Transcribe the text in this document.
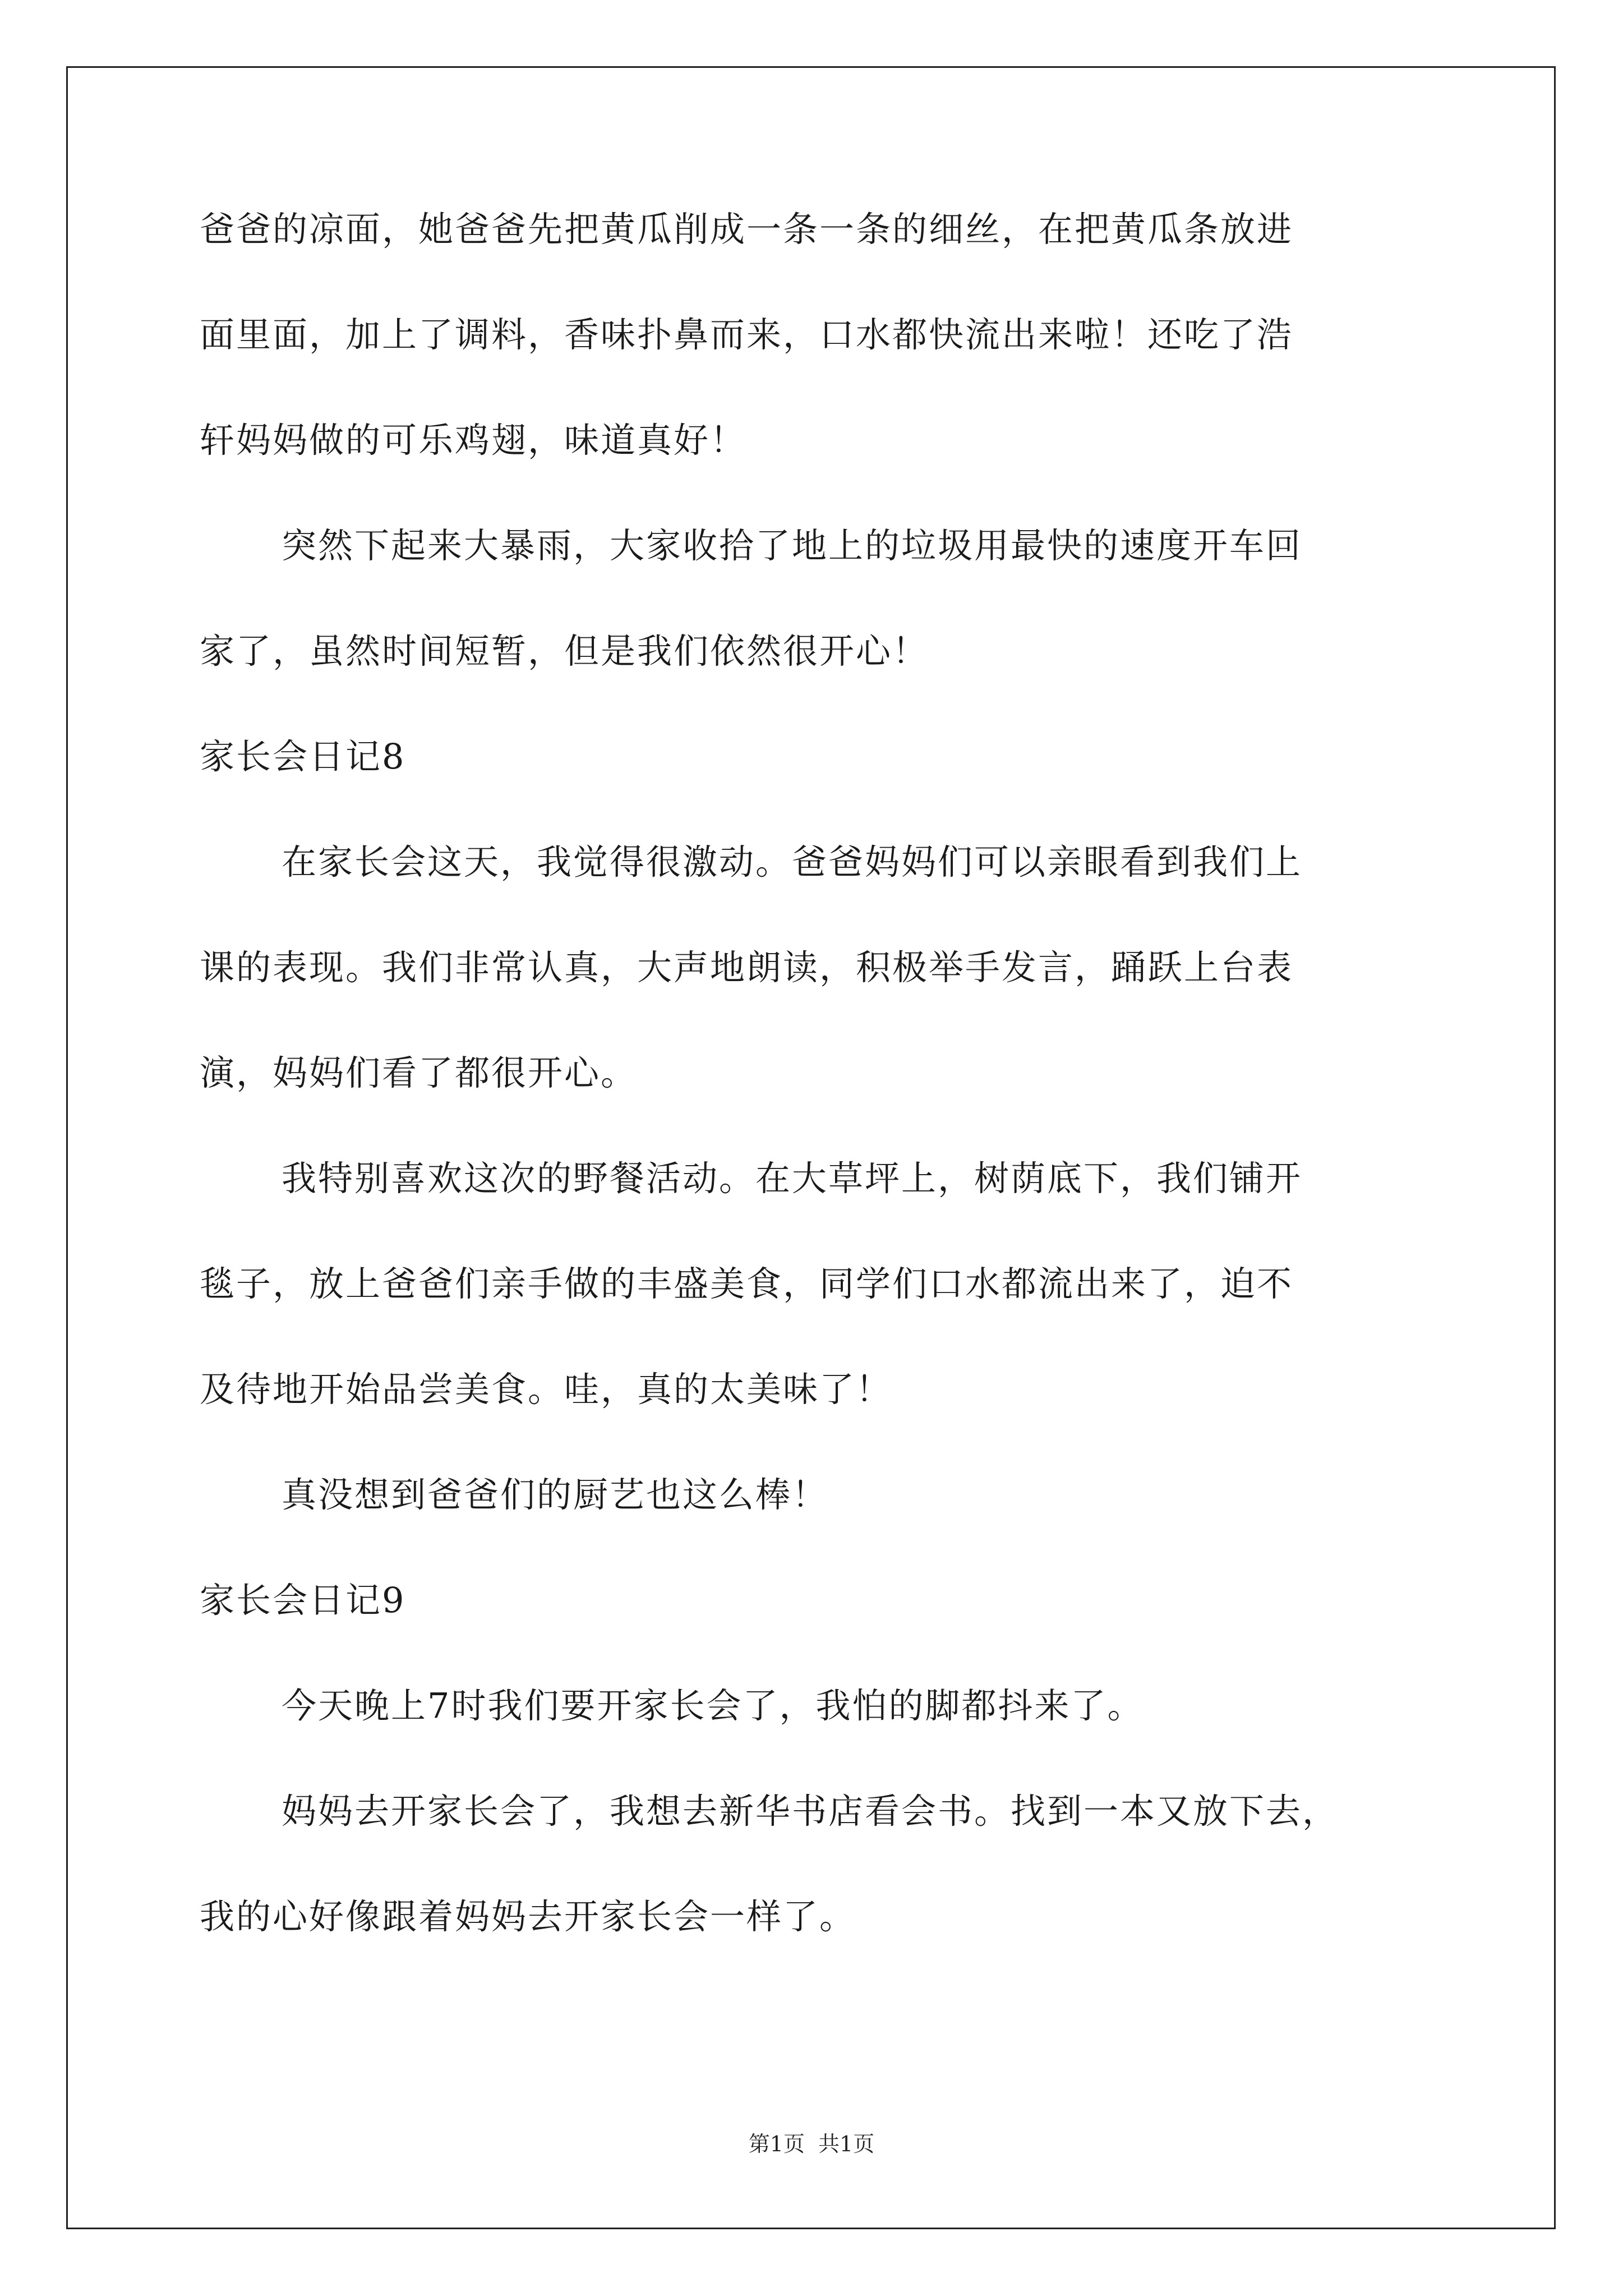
爸爸的凉面，她爸爸先把黄瓜削成一条一条的细丝，在把黄瓜条放进
面里面，加上了调料，香味扑鼻而来，口水都快流出来啦！还吃了浩
轩妈妈做的可乐鸡翅，味道真好！
突然下起来大暴雨，大家收拾了地上的垃圾用最快的速度开车回
家了，虽然时间短暂，但是我们依然很开心！
家长会日记8
在家长会这天，我觉得很激动。爸爸妈妈们可以亲眼看到我们上
课的表现。我们非常认真，大声地朗读，积极举手发言，踊跃上台表
演，妈妈们看了都很开心。
我特别喜欢这次的野餐活动。在大草坪上，树荫底下，我们铺开
毯子，放上爸爸们亲手做的丰盛美食，同学们口水都流出来了，迫不
及待地开始品尝美食。哇，真的太美味了！
真没想到爸爸们的厨艺也这么棒！
家长会日记9
今天晚上7时我们要开家长会了，我怕的脚都抖来了。
妈妈去开家长会了，我想去新华书店看会书。找到一本又放下去，
我的心好像跟着妈妈去开家长会一样了。
第1页 共1页
